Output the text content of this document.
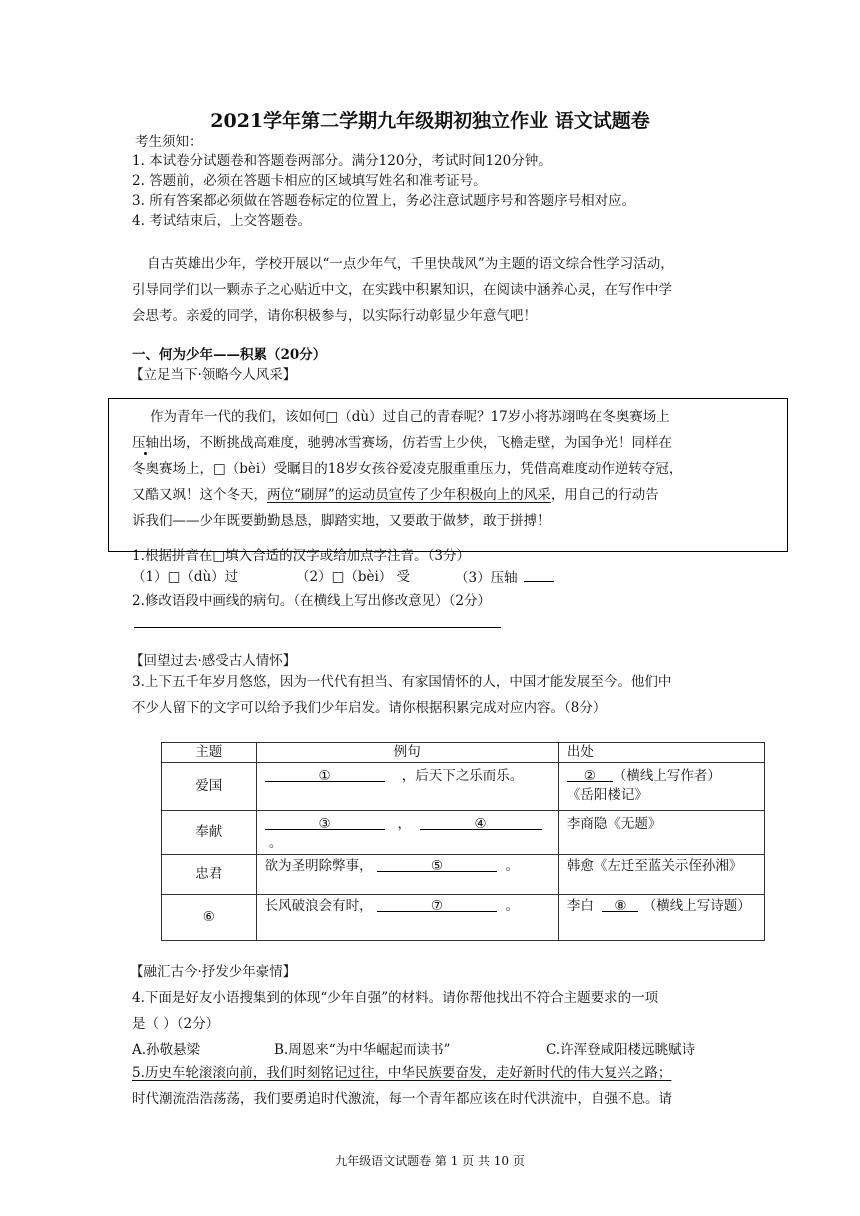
2021学年第二学期九年级期初独立作业 语文试题卷
考生须知：
1. 本试卷分试题卷和答题卷两部分。满分120分，考试时间120分钟。
2. 答题前，必须在答题卡相应的区域填写姓名和准考证号。
3. 所有答案都必须做在答题卷标定的位置上，务必注意试题序号和答题序号相对应。
4. 考试结束后，上交答题卷。
自古英雄出少年，学校开展以“一点少年气，千里快哉风”为主题的语文综合性学习活动，
引导同学们以一颗赤子之心贴近中文，在实践中积累知识，在阅读中涵养心灵，在写作中学
会思考。亲爱的同学，请你积极参与，以实际行动彰显少年意气吧！
一、何为少年——积累（20分）
【立足当下·领略今人风采】
作为青年一代的我们，该如何□（dù）过自己的青春呢？17岁小将苏翊鸣在冬奥赛场上
压轴出场，不断挑战高难度，驰骋冰雪赛场，仿若雪上少侠，飞檐走壁，为国争光！同样在
冬奥赛场上，□（bèi）受瞩目的18岁女孩谷爱凌克服重重压力，凭借高难度动作逆转夺冠，
又酷又飒！这个冬天，两位“刷屏”的运动员宣传了少年积极向上的风采，用自己的行动告
诉我们——少年既要勤勤恳恳，脚踏实地，又要敢于做梦，敢于拼搏！
1.根据拼音在□填入合适的汉字或给加点字注音。（3分）
（1）□（dù）过	（2）□（bèi） 受	（3）压轴
2.修改语段中画线的病句。（在横线上写出修改意见）（2分）
【回望过去·感受古人情怀】
3.上下五千年岁月悠悠，因为一代代有担当、有家国情怀的人，中国才能发展至今。他们中
不少人留下的文字可以给予我们少年启发。请你根据积累完成对应内容。（8分）
主题	例句	出处
爱国	① ，后天下之乐而乐。	② （横线上写作者）
《岳阳楼记》
奉献	③ ， ④ 。	李商隐《无题》
忠君	欲为圣明除弊事， ⑤ 。	韩愈《左迁至蓝关示侄孙湘》
⑥	长风破浪会有时， ⑦ 。	李白  ⑧ （横线上写诗题）
【融汇古今·抒发少年豪情】
4.下面是好友小语搜集到的体现“少年自强”的材料。请你帮他找出不符合主题要求的一项
是（ ）（2分）
A.孙敬悬梁	B.周恩来“为中华崛起而读书”	C.许浑登咸阳楼远眺赋诗
5.历史车轮滚滚向前，我们时刻铭记过往，中华民族要奋发，走好新时代的伟大复兴之路；
时代潮流浩浩荡荡，我们要勇追时代激流，每一个青年都应该在时代洪流中，自强不息。请
九年级语文试题卷 第 1 页 共 10 页
